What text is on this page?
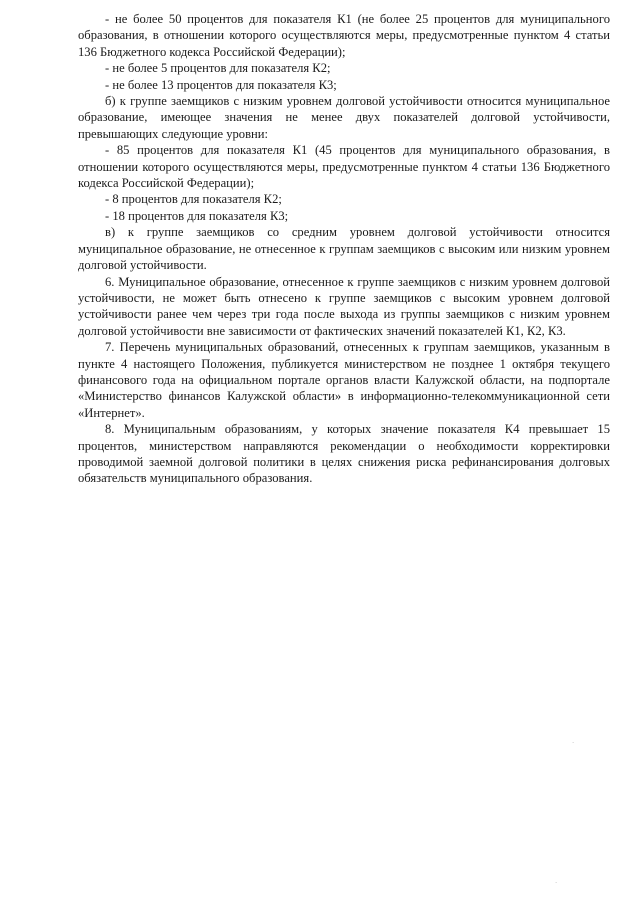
- не более 50 процентов для показателя К1 (не более 25 процентов для муниципального образования, в отношении которого осуществляются меры, предусмотренные пунктом 4 статьи 136 Бюджетного кодекса Российской Федерации);

- не более 5 процентов для показателя К2;

- не более 13 процентов для показателя К3;

б) к группе заемщиков с низким уровнем долговой устойчивости относится муниципальное образование, имеющее значения не менее двух показателей долговой устойчивости, превышающих следующие уровни:

- 85 процентов для показателя К1 (45 процентов для муниципального образования, в отношении которого осуществляются меры, предусмотренные пунктом 4 статьи 136 Бюджетного кодекса Российской Федерации);

- 8 процентов для показателя К2;

- 18 процентов для показателя К3;

в) к группе заемщиков со средним уровнем долговой устойчивости относится муниципальное образование, не отнесенное к группам заемщиков с высоким или низким уровнем долговой устойчивости.

6. Муниципальное образование, отнесенное к группе заемщиков с низким уровнем долговой устойчивости, не может быть отнесено к группе заемщиков с высоким уровнем долговой устойчивости ранее чем через три года после выхода из группы заемщиков с низким уровнем долговой устойчивости вне зависимости от фактических значений показателей К1, К2, К3.

7. Перечень муниципальных образований, отнесенных к группам заемщиков, указанным в пункте 4 настоящего Положения, публикуется министерством не позднее 1 октября текущего финансового года на официальном портале органов власти Калужской области, на подпортале «Министерство финансов Калужской области» в информационно-телекоммуникационной сети «Интернет».

8. Муниципальным образованиям, у которых значение показателя К4 превышает 15 процентов, министерством направляются рекомендации о необходимости корректировки проводимой заемной долговой политики в целях снижения риска рефинансирования долговых обязательств муниципального образования.

.
.
